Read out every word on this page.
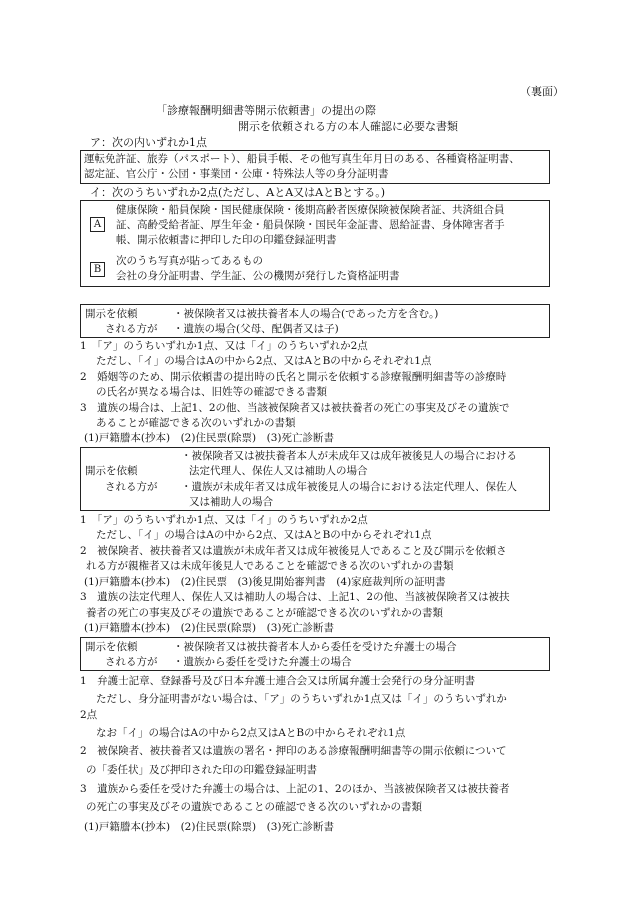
（裏面）
「診療報酬明細書等開示依頼書」の提出の際
開示を依頼される方の本人確認に必要な書類
ア：次の内いずれか1点
運転免許証、旅券（パスポート）、船員手帳、その他写真生年月日のある、各種資格証明書、
認定証、官公庁・公団・事業団・公庫・特殊法人等の身分証明書
イ：次のうちいずれか2点(ただし、AとA又はAとBとする。)
A
健康保険・船員保険・国民健康保険・後期高齢者医療保険被保険者証、共済組合員
証、高齢受給者証、厚生年金・船員保険・国民年金証書、恩給証書、身体障害者手
帳、開示依頼書に押印した印の印鑑登録証明書
B
次のうち写真が貼ってあるもの
会社の身分証明書、学生証、公の機関が発行した資格証明書
開示を依頼
される方が
・被保険者又は被扶養者本人の場合(であった方を含む。)
・遺族の場合(父母、配偶者又は子)
1　「ア」のうちいずれか1点、又は「イ」のうちいずれか2点
ただし、「イ」の場合はAの中から2点、又はAとBの中からそれぞれ1点
2　婚姻等のため、開示依頼書の提出時の氏名と開示を依頼する診療報酬明細書等の診療時
の氏名が異なる場合は、旧姓等の確認できる書類
3　遺族の場合は、上記1、2の他、当該被保険者又は被扶養者の死亡の事実及びその遺族で
あることが確認できる次のいずれかの書類
(1)戸籍謄本(抄本)　(2)住民票(除票)　(3)死亡診断書
開示を依頼
される方が
・被保険者又は被扶養者本人が未成年又は成年被後見人の場合における
法定代理人、保佐人又は補助人の場合
・遺族が未成年者又は成年被後見人の場合における法定代理人、保佐人
又は補助人の場合
1　「ア」のうちいずれか1点、又は「イ」のうちいずれか2点
ただし、「イ」の場合はAの中から2点、又はAとBの中からそれぞれ1点
2　被保険者、被扶養者又は遺族が未成年者又は成年被後見人であること及び開示を依頼さ
れる方が親権者又は未成年後見人であることを確認できる次のいずれかの書類
(1)戸籍謄本(抄本)　(2)住民票　(3)後見開始審判書　(4)家庭裁判所の証明書
3　遺族の法定代理人、保佐人又は補助人の場合は、上記1、2の他、当該被保険者又は被扶
養者の死亡の事実及びその遺族であることが確認できる次のいずれかの書類
(1)戸籍謄本(抄本)　(2)住民票(除票)　(3)死亡診断書
開示を依頼
される方が
・被保険者又は被扶養者本人から委任を受けた弁護士の場合
・遺族から委任を受けた弁護士の場合
1　弁護士記章、登録番号及び日本弁護士連合会又は所属弁護士会発行の身分証明書
ただし、身分証明書がない場合は、「ア」のうちいずれか1点又は「イ」のうちいずれか
2点
なお「イ」の場合はAの中から2点又はAとBの中からそれぞれ1点
2　被保険者、被扶養者又は遺族の署名・押印のある診療報酬明細書等の開示依頼について
の「委任状」及び押印された印の印鑑登録証明書
3　遺族から委任を受けた弁護士の場合は、上記の1、2のほか、当該被保険者又は被扶養者
の死亡の事実及びその遺族であることの確認できる次のいずれかの書類
(1)戸籍謄本(抄本)　(2)住民票(除票)　(3)死亡診断書
